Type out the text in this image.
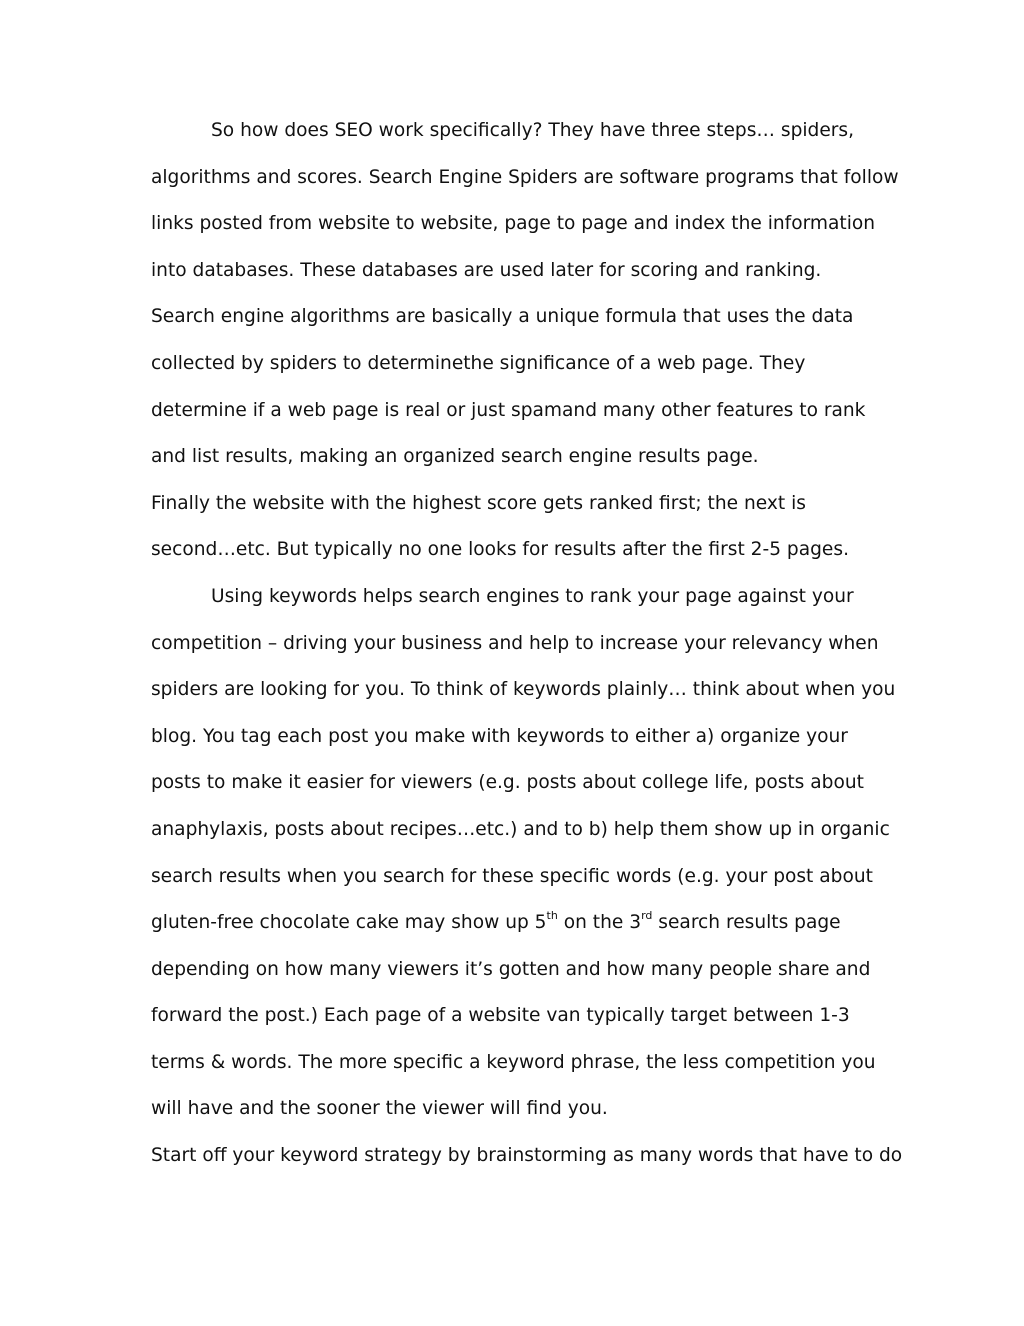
So how does SEO work specifically? They have three steps… spiders,
algorithms and scores. Search Engine Spiders are software programs that follow
links posted from website to website, page to page and index the information
into databases. These databases are used later for scoring and ranking.
Search engine algorithms are basically a unique formula that uses the data
collected by spiders to determinethe significance of a web page. They
determine if a web page is real or just spamand many other features to rank
and list results, making an organized search engine results page.
Finally the website with the highest score gets ranked first; the next is
second…etc. But typically no one looks for results after the first 2-5 pages.
Using keywords helps search engines to rank your page against your
competition – driving your business and help to increase your relevancy when
spiders are looking for you. To think of keywords plainly… think about when you
blog. You tag each post you make with keywords to either a) organize your
posts to make it easier for viewers (e.g. posts about college life, posts about
anaphylaxis, posts about recipes…etc.) and to b) help them show up in organic
search results when you search for these specific words (e.g. your post about
gluten-free chocolate cake may show up 5th on the 3rd search results page
depending on how many viewers it’s gotten and how many people share and
forward the post.) Each page of a website van typically target between 1-3
terms & words. The more specific a keyword phrase, the less competition you
will have and the sooner the viewer will find you.
Start off your keyword strategy by brainstorming as many words that have to do
